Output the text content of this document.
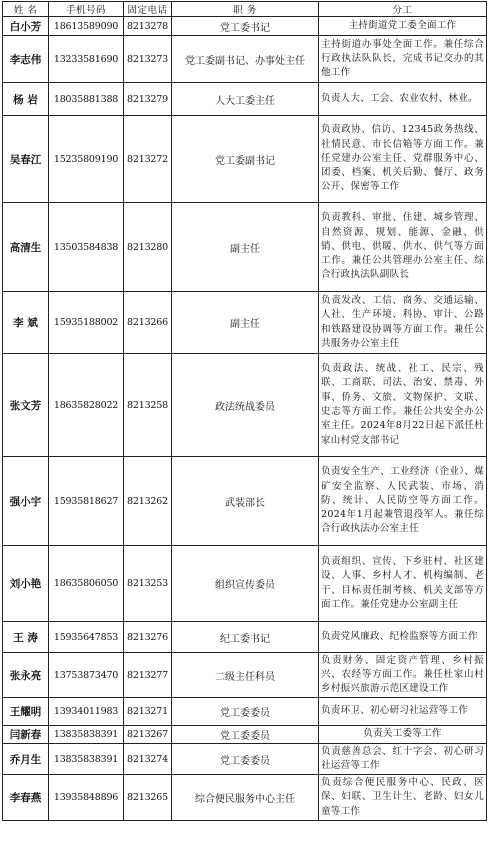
姓 名	手机号码	固定电话	职 务	分工
白小芳	18613589090	8213278	党工委书记	主持街道党工委全面工作
李志伟	13233581690	8213273	党工委副书记、办事处主任	主持街道办事处全面工作。兼任综合行政执法队队长，完成书记交办的其他工作
杨 岩	18035881388	8213279	人大工委主任	负责人大、工会、农业农村、林业。
吴春江	15235809190	8213272	党工委副书记	负责政协、信访、12345政务热线、社情民意、市长信箱等方面工作。兼任党建办公室主任、党群服务中心、团委、档案、机关后勤、餐厅、政务公开、保密等工作
高清生	13503584838	8213280	副主任	负责教科、审批、住建、城乡管理、自然资源、规划、能源、金融、供销、供电、供暖、供水、供气等方面工作。兼任公共管理办公室主任、综合行政执法队副队长
李 斌	15935188002	8213266	副主任	负责发改、工信、商务、交通运输、人社、生产环境、科协、审计、公路和铁路建设协调等方面工作。兼任公共服务办公室主任
张文芳	18635828022	8213258	政法统战委员	负责政法、统战、社工、民宗、残联、工商联、司法、治安、禁毒、外事、侨务、文旅、文物保护、文联、史志等方面工作。兼任公共安全办公室主任。2024年8月22日起下派任杜家山村党支部书记
强小宇	15935818627	8213262	武装部长	负责安全生产、工业经济（企业）、煤矿安全监察、人民武装、市场、消防、统计、人民防空等方面工作。2024年1月起兼管退役军人。兼任综合行政执法办公室主任
刘小艳	18635806050	8213253	组织宣传委员	负责组织、宣传、下乡驻村、社区建设、人事、乡村人才、机构编制、老干、目标责任制考核、机关支部等方面工作。兼任党建办公室副主任
王 涛	15935647853	8213276	纪工委书记	负责党风廉政、纪检监察等方面工作
张永亮	13753873470	8213277	二级主任科员	负责财务、固定资产管理、乡村振兴、农经等方面工作。兼任杜家山村乡村振兴旅游示范区建设工作
王耀明	13934011983	8213271	党工委委员	负责环卫、初心研习社运营等工作
闫新春	13835838391	8213267	党工委委员	负责关工委等工作
乔月生	13835838391	8213274	党工委委员	负责慈善总会、红十字会、初心研习社运营等工作
李春燕	13935848896	8213265	综合便民服务中心主任	负责综合便民服务中心、民政、医保、妇联、卫生计生、老龄、妇女儿童等工作
